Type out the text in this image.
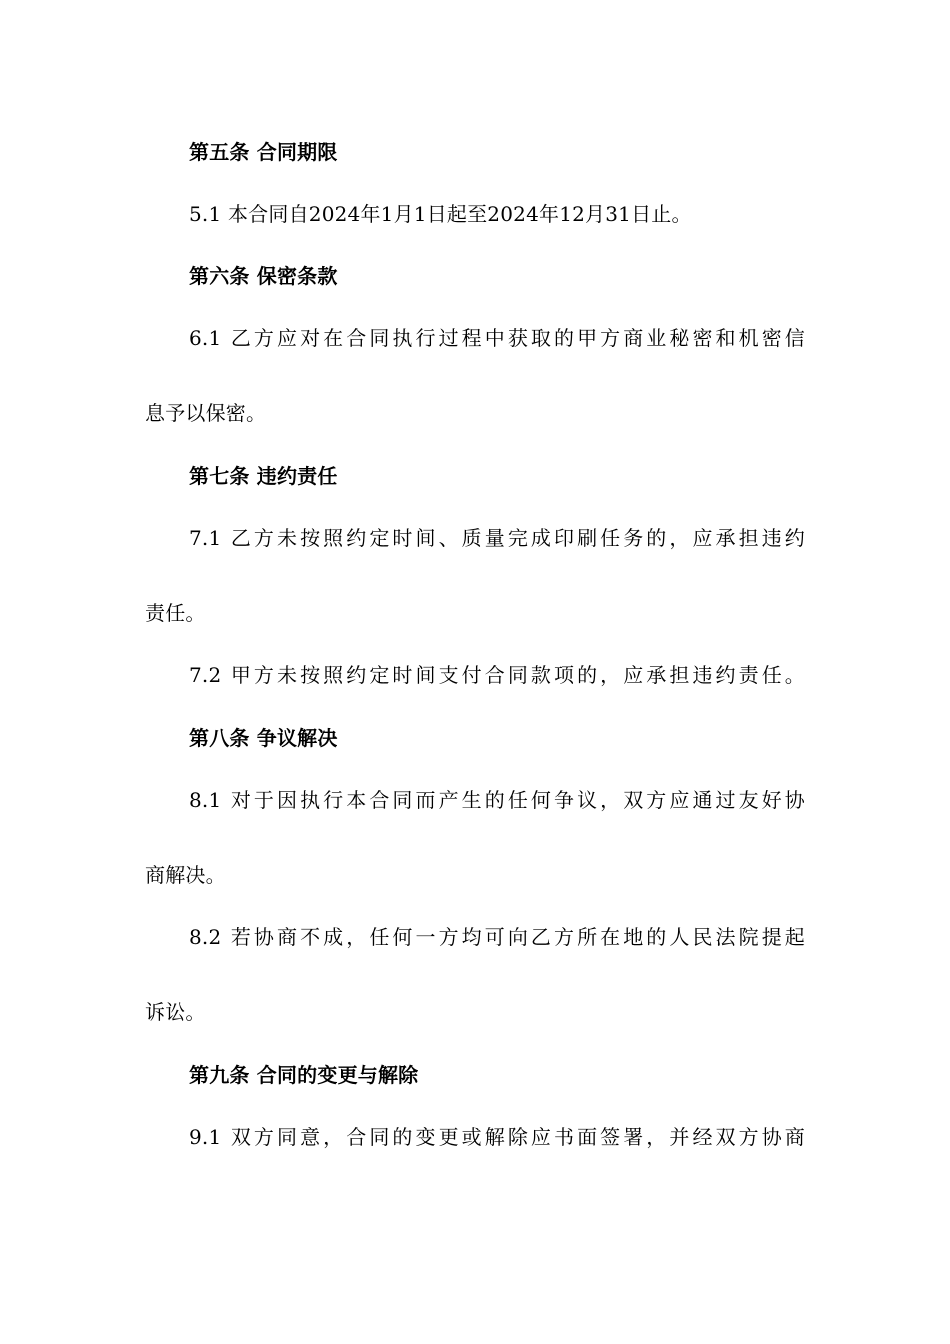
第五条 合同期限
5.1 本合同自2024年1月1日起至2024年12月31日止。
第六条 保密条款
6.1 乙方应对在合同执行过程中获取的甲方商业秘密和机密信
息予以保密。
第七条 违约责任
7.1 乙方未按照约定时间、质量完成印刷任务的，应承担违约
责任。
7.2 甲方未按照约定时间支付合同款项的，应承担违约责任。
第八条 争议解决
8.1 对于因执行本合同而产生的任何争议，双方应通过友好协
商解决。
8.2 若协商不成，任何一方均可向乙方所在地的人民法院提起
诉讼。
第九条 合同的变更与解除
9.1 双方同意，合同的变更或解除应书面签署，并经双方协商
